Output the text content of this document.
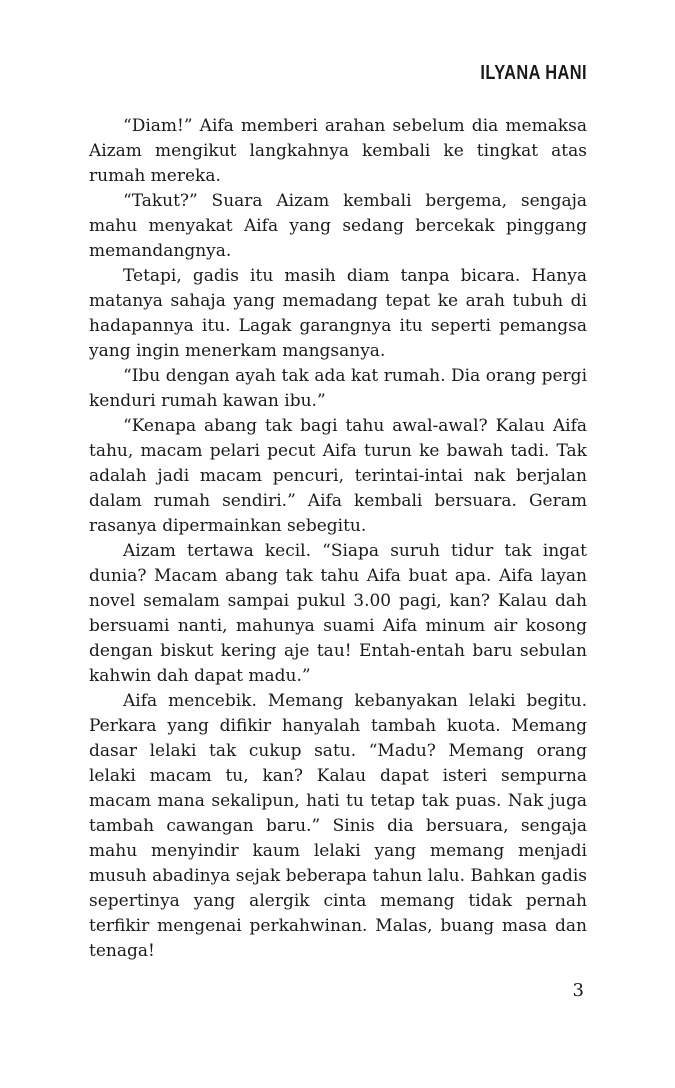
ILYANA HANI

“Diam!” Aifa memberi arahan sebelum dia memaksa Aizam mengikut langkahnya kembali ke tingkat atas rumah mereka.

“Takut?” Suara Aizam kembali bergema, sengaja mahu menyakat Aifa yang sedang bercekak pinggang memandangnya.

Tetapi, gadis itu masih diam tanpa bicara. Hanya matanya sahaja yang memadang tepat ke arah tubuh di hadapannya itu. Lagak garangnya itu seperti pemangsa yang ingin menerkam mangsanya.

“Ibu dengan ayah tak ada kat rumah. Dia orang pergi kenduri rumah kawan ibu.”

“Kenapa abang tak bagi tahu awal-awal? Kalau Aifa tahu, macam pelari pecut Aifa turun ke bawah tadi. Tak adalah jadi macam pencuri, terintai-intai nak berjalan dalam rumah sendiri.” Aifa kembali bersuara. Geram rasanya dipermainkan sebegitu.

Aizam tertawa kecil. “Siapa suruh tidur tak ingat dunia? Macam abang tak tahu Aifa buat apa. Aifa layan novel semalam sampai pukul 3.00 pagi, kan? Kalau dah bersuami nanti, mahunya suami Aifa minum air kosong dengan biskut kering aje tau! Entah-entah baru sebulan kahwin dah dapat madu.”

Aifa mencebik. Memang kebanyakan lelaki begitu. Perkara yang difikir hanyalah tambah kuota. Memang dasar lelaki tak cukup satu. “Madu? Memang orang lelaki macam tu, kan? Kalau dapat isteri sempurna macam mana sekalipun, hati tu tetap tak puas. Nak juga tambah cawangan baru.” Sinis dia bersuara, sengaja mahu menyindir kaum lelaki yang memang menjadi musuh abadinya sejak beberapa tahun lalu. Bahkan gadis sepertinya yang alergik cinta memang tidak pernah terfikir mengenai perkahwinan. Malas, buang masa dan tenaga!

3
